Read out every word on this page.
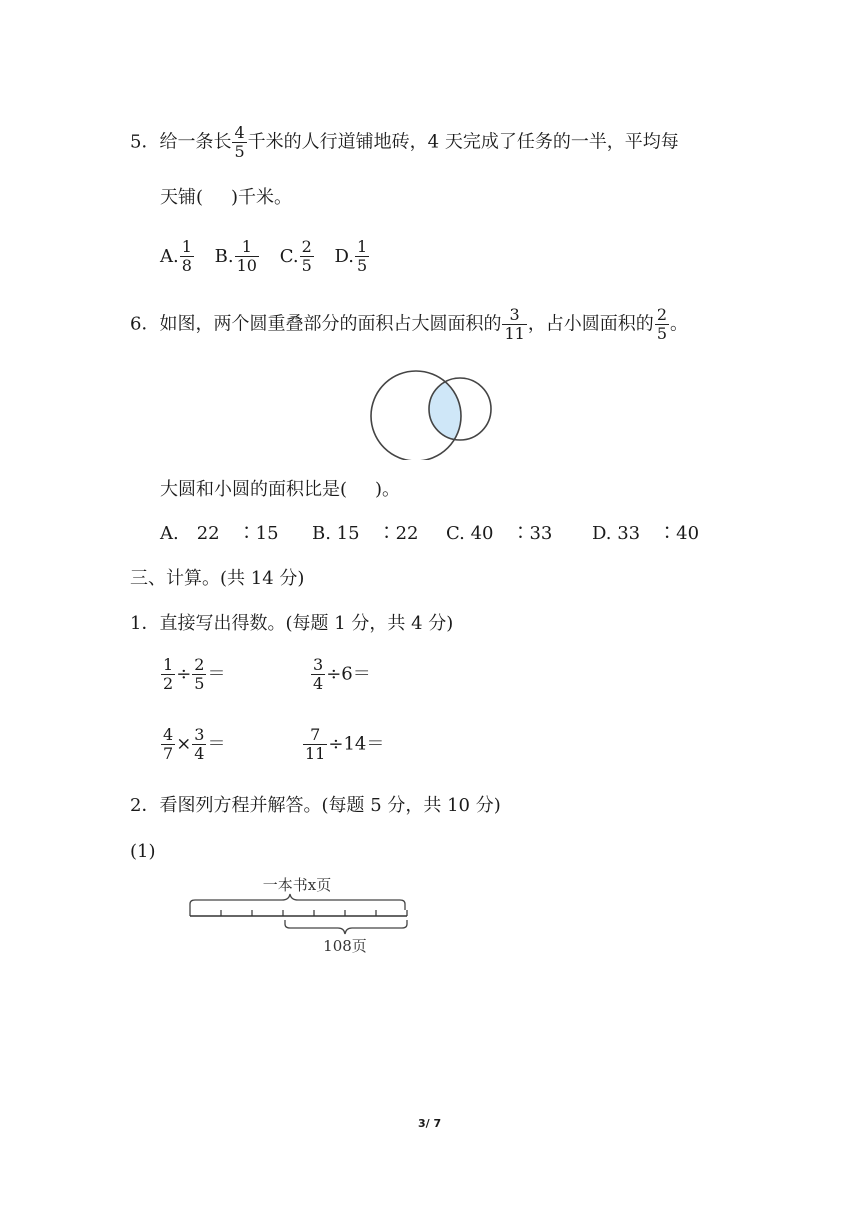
5．给一条长 $\frac{4}{5}$ 千米的人行道铺地砖，4 天完成了任务的一半，平均每
天铺( )千米。
A. $\frac{1}{8} B$. $\frac{1}{10} C$. $\frac{2}{5} D$. $\frac{1}{5}$
6．如图，两个圆重叠部分的面积占大圆面积的 $\frac{3}{11}$ ，占小圆面积的 $\frac{2}{5}$ 。
大圆和小圆的面积比是( )。
A.　22　∶15 B. 15　∶22 C. 40　∶33 D. 33　∶40
三、计算。(共 14 分)
1．直接写出得数。(每题 1 分，共 4 分)
$\frac{1}{2} \div \frac{2}{5}$ ＝	$\frac{3}{4} \div 6=$
$\frac{4}{7} \times \frac{3}{4}$ ＝	$\frac{7}{11} \div 14=$
2．看图列方程并解答。(每题 5 分，共 10 分)
(1)
一本书x页
108页
3/ 7
